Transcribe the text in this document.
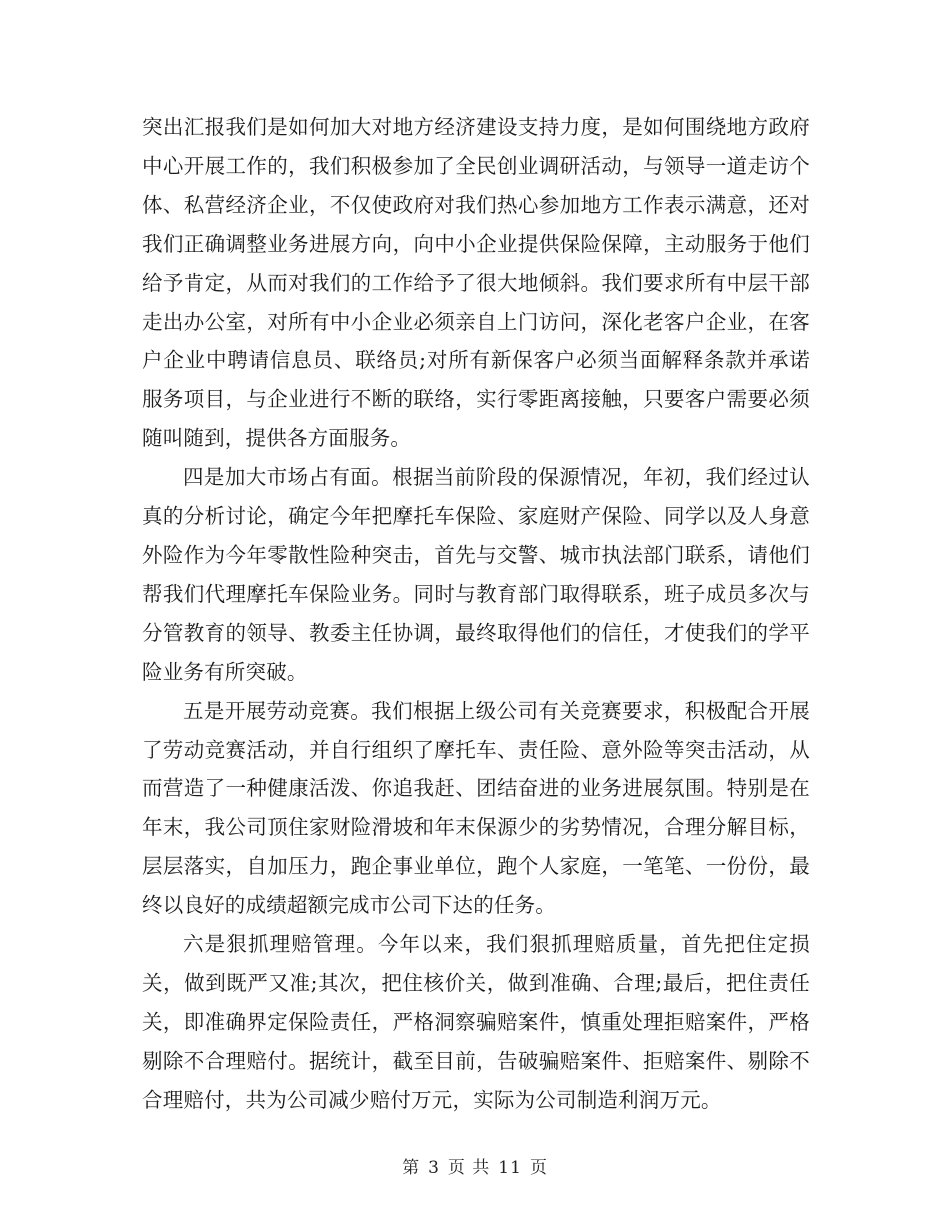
突出汇报我们是如何加大对地方经济建设支持力度，是如何围绕地方政府中心开展工作的，我们积极参加了全民创业调研活动，与领导一道走访个体、私营经济企业，不仅使政府对我们热心参加地方工作表示满意，还对我们正确调整业务进展方向，向中小企业提供保险保障，主动服务于他们给予肯定，从而对我们的工作给予了很大地倾斜。我们要求所有中层干部走出办公室，对所有中小企业必须亲自上门访问，深化老客户企业，在客户企业中聘请信息员、联络员;对所有新保客户必须当面解释条款并承诺服务项目，与企业进行不断的联络，实行零距离接触，只要客户需要必须随叫随到，提供各方面服务。

四是加大市场占有面。根据当前阶段的保源情况，年初，我们经过认真的分析讨论，确定今年把摩托车保险、家庭财产保险、同学以及人身意外险作为今年零散性险种突击，首先与交警、城市执法部门联系，请他们帮我们代理摩托车保险业务。同时与教育部门取得联系，班子成员多次与分管教育的领导、教委主任协调，最终取得他们的信任，才使我们的学平险业务有所突破。

五是开展劳动竞赛。我们根据上级公司有关竞赛要求，积极配合开展了劳动竞赛活动，并自行组织了摩托车、责任险、意外险等突击活动，从而营造了一种健康活泼、你追我赶、团结奋进的业务进展氛围。特别是在年末，我公司顶住家财险滑坡和年末保源少的劣势情况，合理分解目标，层层落实，自加压力，跑企事业单位，跑个人家庭，一笔笔、一份份，最终以良好的成绩超额完成市公司下达的任务。

六是狠抓理赔管理。今年以来，我们狠抓理赔质量，首先把住定损关，做到既严又准;其次，把住核价关，做到准确、合理;最后，把住责任关，即准确界定保险责任，严格洞察骗赔案件，慎重处理拒赔案件，严格剔除不合理赔付。据统计，截至目前，告破骗赔案件、拒赔案件、剔除不合理赔付，共为公司减少赔付万元，实际为公司制造利润万元。

第 3 页 共 11 页
